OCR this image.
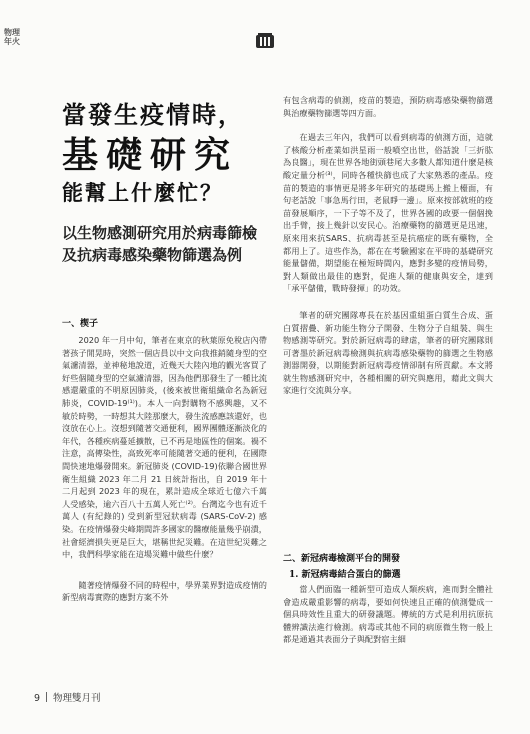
物理年火
當發生疫情時，
基礎研究
能幫上什麼忙？
以生物感測研究用於病毒篩檢及抗病毒感染藥物篩選為例
一、楔子

2020 年一月中旬，筆者在東京的秋葉原免稅店內帶著孩子閒晃時，突然一個店員以中文向我推銷隨身型的空氣濾清器，並神秘地說道，近幾天大陸內地的觀光客買了好些個隨身型的空氣濾清器，因為他們那發生了一種比流感還嚴重的不明原因肺炎，(後來被世衛組織命名為新冠肺炎，COVID-19⁽¹⁾)。本人一向對購物不感興趣，又不敏於時勢，一時想其大陸那麼大，發生流感應該還好，也沒放在心上。沒想到隨著交通便利，國界團體逐漸淡化的年代，各種疾病蔓延擴散，已不再是地區性的個案。禍不注意，高傳染性，高致死率可能隨著交通的便利，在國際間快速地爆發開來。新冠肺炎 (COVID-19)依聯合國世界衛生組織 2023 年二月 21 日統計指出，自 2019 年十二月起到 2023 年的現在，累計造成全球近七億六千萬人受感染，逾六百八十五萬人死亡⁽²⁾。台灣迄今也有近千萬人 (有紀錄的) 受到新型冠狀病毒 (SARS-CoV-2) 感染。在疫情爆發尖峰期間許多國家的醫療能量幾乎崩潰，社會經濟損失更是巨大，堪稱世紀災難。在這世紀災難之中，我們科學家能在這場災難中做些什麼？

隨著疫情爆發不同的時程中，學界業界對造成疫情的新型病毒實際的應對方案不外

有包含病毒的偵測，疫苗的製造，預防病毒感染藥物篩選與治療藥物篩選等四方面。

在過去三年內，我們可以看到病毒的偵測方面，這就了核酸分析產業如洪星雨一般噴空出世，俗話說「三折肱為良醫」，現在世界各地街頭巷尾大多數人都知道什麼是核酸定量分析⁽³⁾，同時各種快篩也成了大家熟悉的產品。疫苗的製造的事情更是將多年研究的基礎馬上搬上檯面，有句老話說「事急馬行田，老鼠睜一邊」。原來按部就班的疫苗發展順序，一下子等不及了，世界各國的政要一個個挽出手臂，接上幾針以安民心。治療藥物的篩選更是迅速，原來用來抗SARS、抗病毒甚至是抗癌症的既有藥物，全都用上了。這些作為，都在在考驗國家在平時的基礎研究能量儲備，期望能在極短時間內，應對多變的疫情局勢，對人類做出最佳的應對，促進人類的健康與安全，達到「承平儲備，戰時發揮」的功效。

筆者的研究團隊專長在於基因重組蛋白質生合成、蛋白質摺疊、新功能生物分子開發、生物分子自組裝、與生物感測等研究。對於新冠病毒的肆虐，筆者的研究團隊則可著墨於新冠病毒檢測與抗病毒感染藥物的篩選之生物感測器開發，以期能對新冠病毒疫情卻制有所貢獻。本文將就生物感測研究中，各種相關的研究與應用，藉此文與大家進行交流與分享。

二、新冠病毒檢測平台的開發
1. 新冠病毒結合蛋白的篩選

當人們面臨一種新型可造成人類疾病，進而對全體社會造成嚴重影響的病毒，要如何快速且正確的偵測覺成一個具時效性且重大的研發議題。傳統的方式是利用抗原抗體辨識法進行檢測。病毒或其他不同的病原微生物一般上都是通過其表面分子與配對宿主細

9 物理雙月刊
